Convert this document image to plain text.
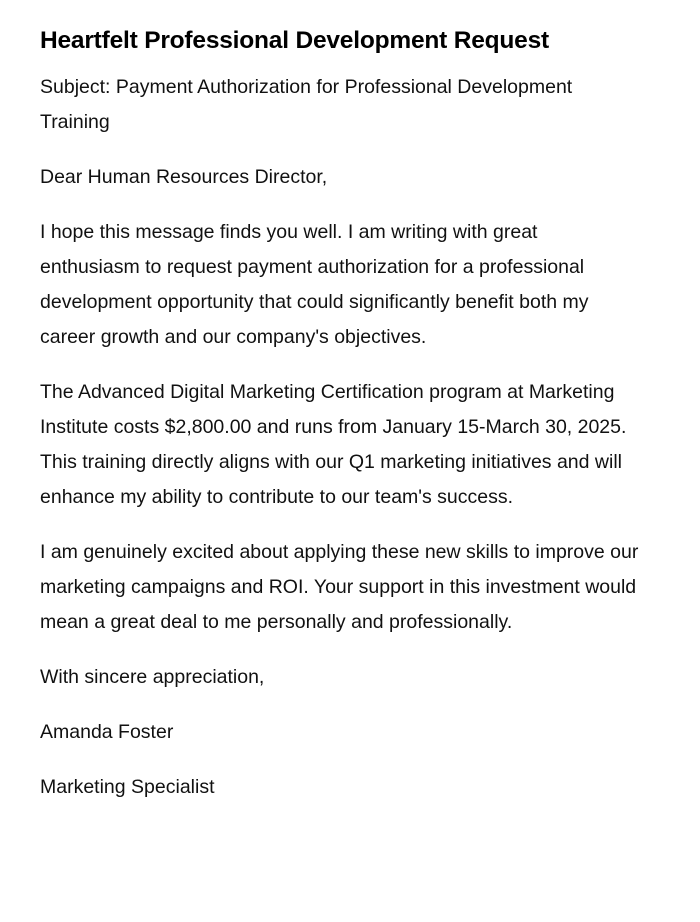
Heartfelt Professional Development Request

Subject: Payment Authorization for Professional Development Training

Dear Human Resources Director,

I hope this message finds you well. I am writing with great enthusiasm to request payment authorization for a professional development opportunity that could significantly benefit both my career growth and our company's objectives.

The Advanced Digital Marketing Certification program at Marketing Institute costs $2,800.00 and runs from January 15-March 30, 2025. This training directly aligns with our Q1 marketing initiatives and will enhance my ability to contribute to our team's success.

I am genuinely excited about applying these new skills to improve our marketing campaigns and ROI. Your support in this investment would mean a great deal to me personally and professionally.

With sincere appreciation,

Amanda Foster

Marketing Specialist
